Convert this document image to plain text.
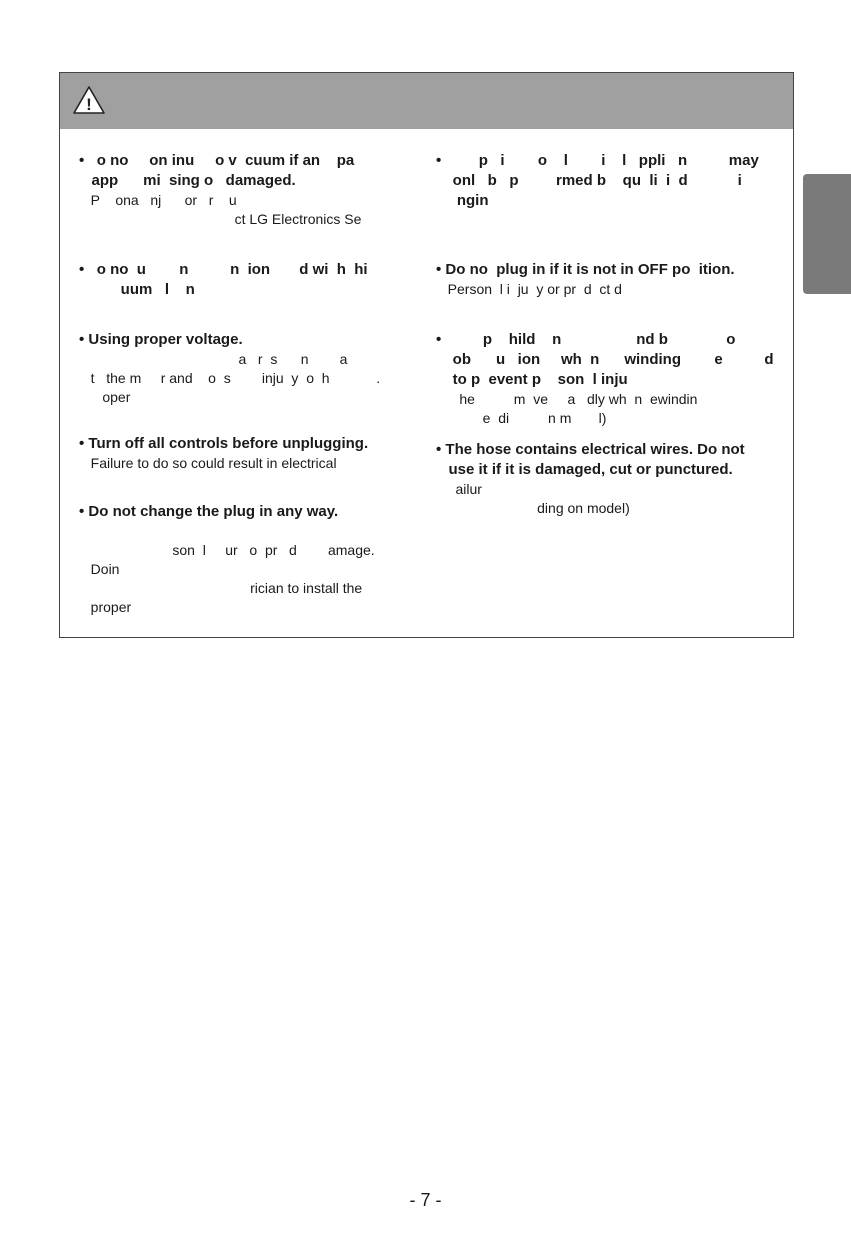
!

•   o no     on inu     o v  cuum if an    pa
app      mi  sing o   damaged.

P    ona   nj      or   r    u
ct LG Electronics Se

•   o no  u        n          n  ion       d wi  h  hi
uum   l    n

• Using proper voltage.

a   r  s      n        a
t   the m     r and    o  s        inju  y  o  h            .
oper

• Turn off all controls before unplugging.

Failure to do so could result in electrical

• Do not change the plug in any way.

son  l     ur   o  pr   d        amage.
Doin
rician to install the
proper

•         p   i        o    l        i    l   ppli   n          may
onl   b   p         rmed b    qu  li  i  d            i
ngin

• Do no  plug in if it is not in OFF po  ition.

Person  l i  ju  y or pr  d  ct d

•          p    hild    n                  nd b              o
ob      u   ion     wh  n      winding        e          d
to p  event p    son  l inju

he          m  ve     a   dly wh  n  ewindin
e  di          n m       l)

• The hose contains electrical wires. Do not
use it if it is damaged, cut or punctured.

ailur
ding on model)

- 7 -
